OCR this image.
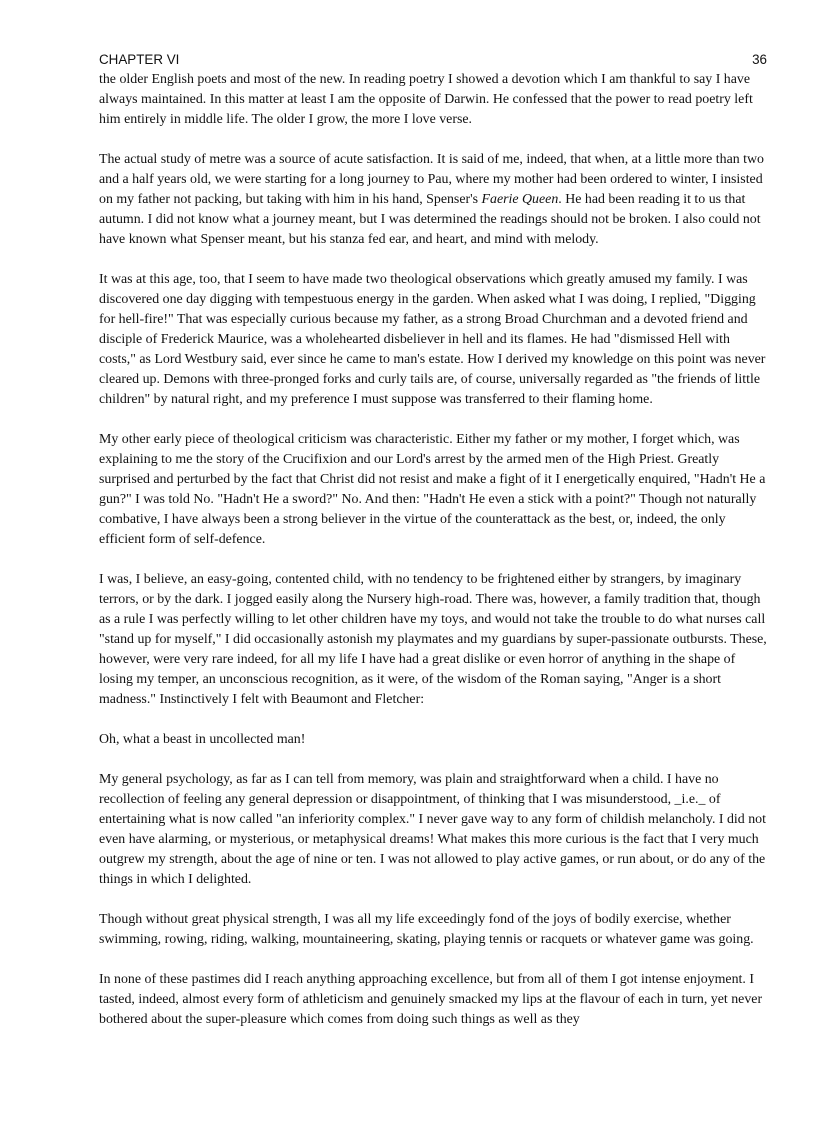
CHAPTER VI	36

the older English poets and most of the new. In reading poetry I showed a devotion which I am thankful to say I have always maintained. In this matter at least I am the opposite of Darwin. He confessed that the power to read poetry left him entirely in middle life. The older I grow, the more I love verse.

The actual study of metre was a source of acute satisfaction. It is said of me, indeed, that when, at a little more than two and a half years old, we were starting for a long journey to Pau, where my mother had been ordered to winter, I insisted on my father not packing, but taking with him in his hand, Spenser's Faerie Queen. He had been reading it to us that autumn. I did not know what a journey meant, but I was determined the readings should not be broken. I also could not have known what Spenser meant, but his stanza fed ear, and heart, and mind with melody.

It was at this age, too, that I seem to have made two theological observations which greatly amused my family. I was discovered one day digging with tempestuous energy in the garden. When asked what I was doing, I replied, "Digging for hell-fire!" That was especially curious because my father, as a strong Broad Churchman and a devoted friend and disciple of Frederick Maurice, was a wholehearted disbeliever in hell and its flames. He had "dismissed Hell with costs," as Lord Westbury said, ever since he came to man's estate. How I derived my knowledge on this point was never cleared up. Demons with three-pronged forks and curly tails are, of course, universally regarded as "the friends of little children" by natural right, and my preference I must suppose was transferred to their flaming home.

My other early piece of theological criticism was characteristic. Either my father or my mother, I forget which, was explaining to me the story of the Crucifixion and our Lord's arrest by the armed men of the High Priest. Greatly surprised and perturbed by the fact that Christ did not resist and make a fight of it I energetically enquired, "Hadn't He a gun?" I was told No. "Hadn't He a sword?" No. And then: "Hadn't He even a stick with a point?" Though not naturally combative, I have always been a strong believer in the virtue of the counterattack as the best, or, indeed, the only efficient form of self-defence.

I was, I believe, an easy-going, contented child, with no tendency to be frightened either by strangers, by imaginary terrors, or by the dark. I jogged easily along the Nursery high-road. There was, however, a family tradition that, though as a rule I was perfectly willing to let other children have my toys, and would not take the trouble to do what nurses call "stand up for myself," I did occasionally astonish my playmates and my guardians by super-passionate outbursts. These, however, were very rare indeed, for all my life I have had a great dislike or even horror of anything in the shape of losing my temper, an unconscious recognition, as it were, of the wisdom of the Roman saying, "Anger is a short madness." Instinctively I felt with Beaumont and Fletcher:

Oh, what a beast in uncollected man!

My general psychology, as far as I can tell from memory, was plain and straightforward when a child. I have no recollection of feeling any general depression or disappointment, of thinking that I was misunderstood, _i.e._ of entertaining what is now called "an inferiority complex." I never gave way to any form of childish melancholy. I did not even have alarming, or mysterious, or metaphysical dreams! What makes this more curious is the fact that I very much outgrew my strength, about the age of nine or ten. I was not allowed to play active games, or run about, or do any of the things in which I delighted.

Though without great physical strength, I was all my life exceedingly fond of the joys of bodily exercise, whether swimming, rowing, riding, walking, mountaineering, skating, playing tennis or racquets or whatever game was going.

In none of these pastimes did I reach anything approaching excellence, but from all of them I got intense enjoyment. I tasted, indeed, almost every form of athleticism and genuinely smacked my lips at the flavour of each in turn, yet never bothered about the super-pleasure which comes from doing such things as well as they
